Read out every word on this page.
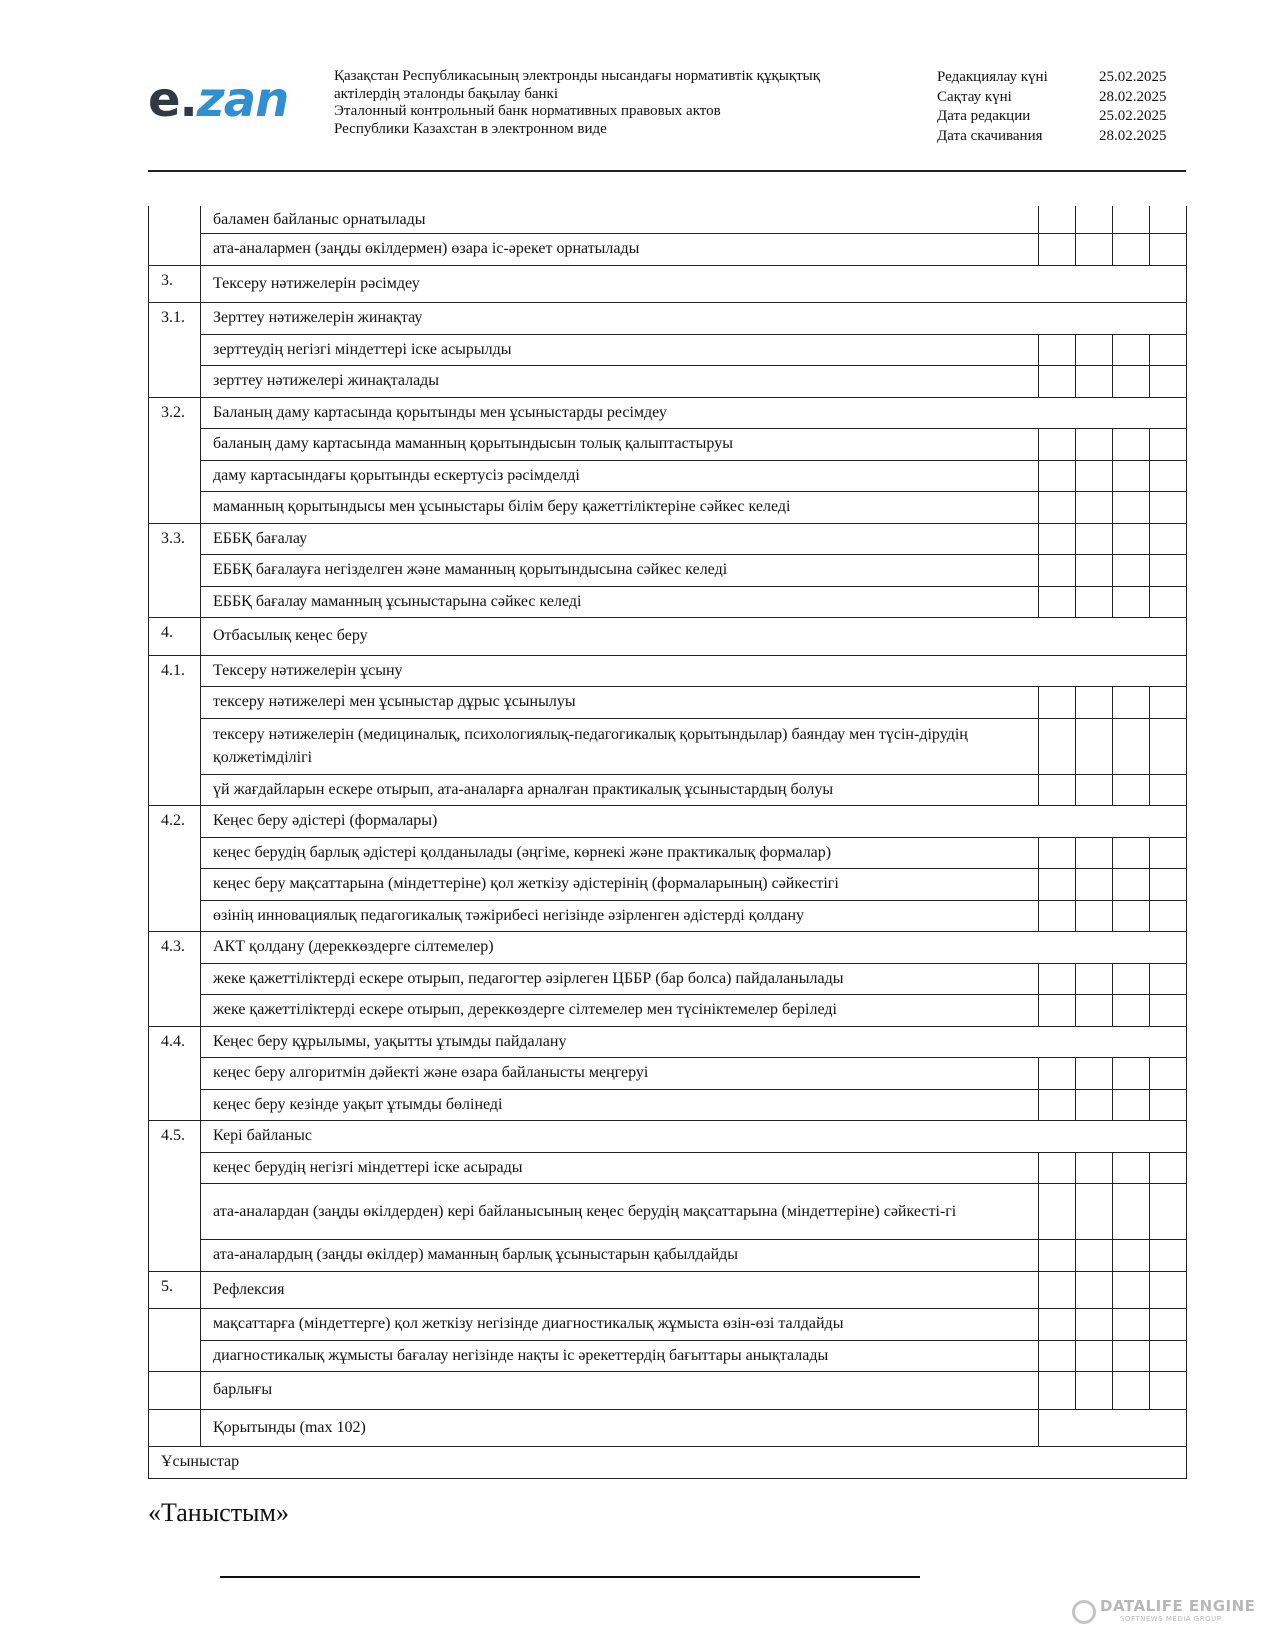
e.zan	Қазақстан Республикасының электронды нысандағы нормативтік құқықтық
актілердің эталонды бақылау банкі
Эталонный контрольный банк нормативных правовых актов
Республики Казахстан в электронном виде
Редакциялау күні	25.02.2025
Сақтау күні	28.02.2025
Дата редакции	25.02.2025
Дата скачивания	28.02.2025
	баламен байланыс орнатылады				
	ата-аналармен (заңды өкілдермен) өзара іс-әрекет орнатылады				
3.	Тексеру нәтижелерін рәсімдеу				
3.1.	Зерттеу нәтижелерін жинақтау				
	зерттеудің негізгі міндеттері іске асырылды				
	зерттеу нәтижелері жинақталады				
3.2.	Баланың даму картасында қорытынды мен ұсыныстарды ресімдеу				
	баланың даму картасында маманның қорытындысын толық қалыптастыруы				
	даму картасындағы қорытынды ескертусіз рәсімделді				
	маманның қорытындысы мен ұсыныстары білім беру қажеттіліктеріне сәйкес келеді				
3.3.	ЕББҚ бағалау				
	ЕББҚ бағалауға негізделген және маманның қорытындысына сәйкес келеді				
	ЕББҚ бағалау маманның ұсыныстарына сәйкес келеді				
4.	Отбасылық кеңес беру				
4.1.	Тексеру нәтижелерін ұсыну				
	тексеру нәтижелері мен ұсыныстар дұрыс ұсынылуы				
	тексеру нәтижелерін (медициналық, психологиялық-педагогикалық қорытындылар) баяндау мен түсін-дірудің қолжетімділігі				
	үй жағдайларын ескере отырып, ата-аналарға арналған практикалық ұсыныстардың болуы				
4.2.	Кеңес беру әдістері (формалары)				
	кеңес берудің барлық әдістері қолданылады (әңгіме, көрнекі және практикалық формалар)				
	кеңес беру мақсаттарына (міндеттеріне) қол жеткізу әдістерінің (формаларының) сәйкестігі				
	өзінің инновациялық педагогикалық тәжірибесі негізінде әзірленген әдістерді қолдану				
4.3.	АКТ қолдану (дереккөздерге сілтемелер)				
	жеке қажеттіліктерді ескере отырып, педагогтер әзірлеген ЦББР (бар болса) пайдаланылады				
	жеке қажеттіліктерді ескере отырып, дереккөздерге сілтемелер мен түсініктемелер беріледі				
4.4.	Кеңес беру құрылымы, уақытты ұтымды пайдалану				
	кеңес беру алгоритмін дәйекті және өзара байланысты меңгеруі				
	кеңес беру кезінде уақыт ұтымды бөлінеді				
4.5.	Кері байланыс				
	кеңес берудің негізгі міндеттері іске асырады				
	ата-аналардан (заңды өкілдерден) кері байланысының кеңес берудің мақсаттарына (міндеттеріне) сәйкесті-гі				
	ата-аналардың (заңды өкілдер) маманның барлық ұсыныстарын қабылдайды				
5.	Рефлексия				
	мақсаттарға (міндеттерге) қол жеткізу негізінде диагностикалық жұмыста өзін-өзі талдайды				
	диагностикалық жұмысты бағалау негізінде нақты іс әрекеттердің бағыттары анықталады				
	барлығы				
	Қорытынды (max 102)				
Ұсыныстар					
«Таныстым»
DATALIFE ENGINE
SOFTNEWS MEDIA GROUP
